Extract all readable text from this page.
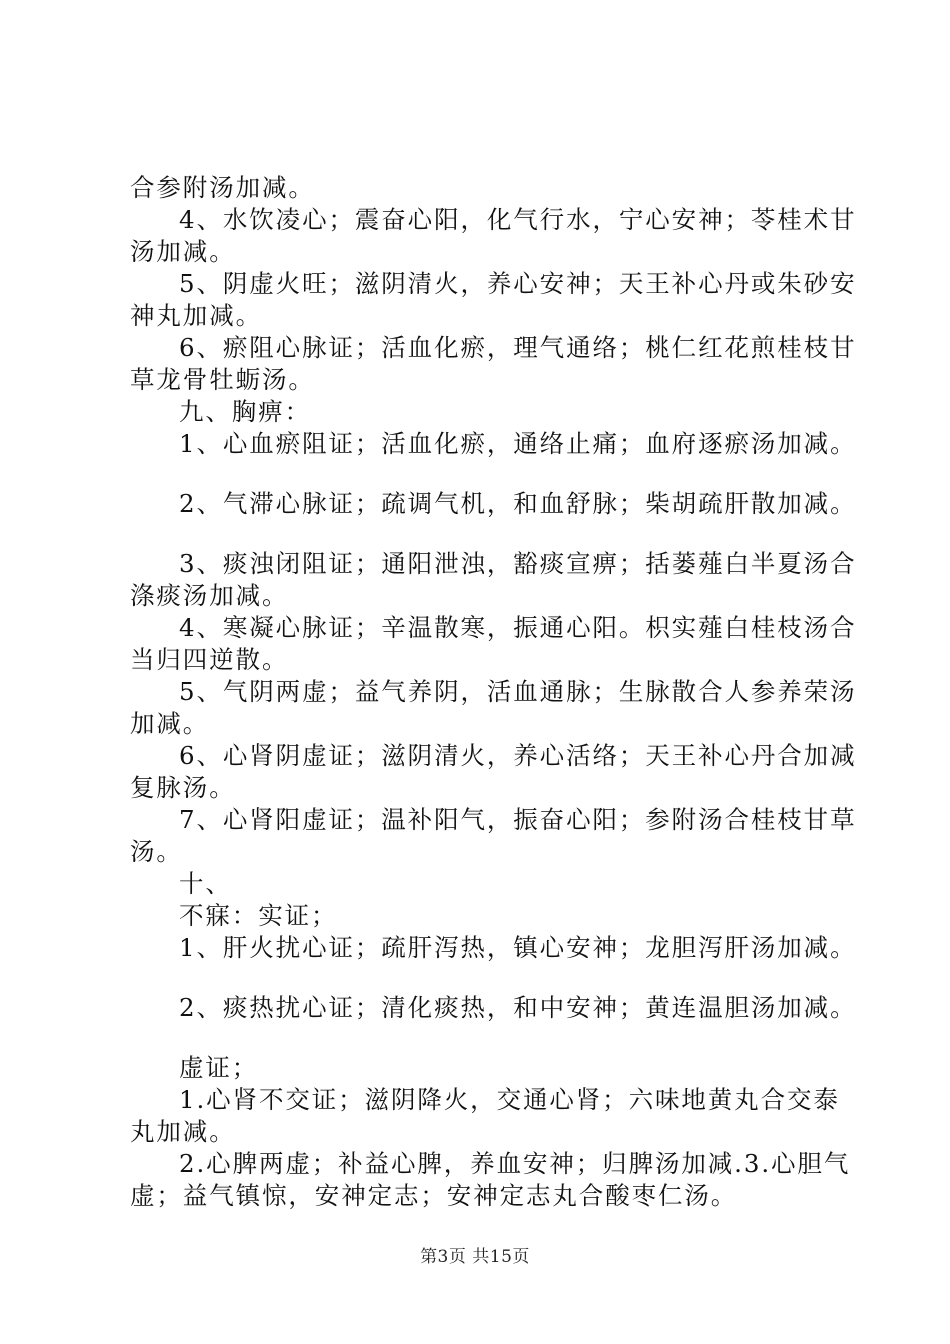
合参附汤加减。
4、水饮凌心；震奋心阳，化气行水，宁心安神；苓桂术甘
汤加减。
5、阴虚火旺；滋阴清火，养心安神；天王补心丹或朱砂安
神丸加减。
6、瘀阻心脉证；活血化瘀，理气通络；桃仁红花煎桂枝甘
草龙骨牡蛎汤。
九、胸痹：
1、心血瘀阻证；活血化瘀，通络止痛；血府逐瘀汤加减。
2、气滞心脉证；疏调气机，和血舒脉；柴胡疏肝散加减。
3、痰浊闭阻证；通阳泄浊，豁痰宣痹；括蒌薤白半夏汤合
涤痰汤加减。
4、寒凝心脉证；辛温散寒，振通心阳。枳实薤白桂枝汤合
当归四逆散。
5、气阴两虚；益气养阴，活血通脉；生脉散合人参养荣汤
加减。
6、心肾阴虚证；滋阴清火，养心活络；天王补心丹合加减
复脉汤。
7、心肾阳虚证；温补阳气，振奋心阳；参附汤合桂枝甘草
汤。
十、
不寐：实证；
1、肝火扰心证；疏肝泻热，镇心安神；龙胆泻肝汤加减。
2、痰热扰心证；清化痰热，和中安神；黄连温胆汤加减。
虚证；
1.心肾不交证；滋阴降火，交通心肾；六味地黄丸合交泰
丸加减。
2.心脾两虚；补益心脾，养血安神；归脾汤加减.3.心胆气
虚；益气镇惊，安神定志；安神定志丸合酸枣仁汤。
第3页 共15页
